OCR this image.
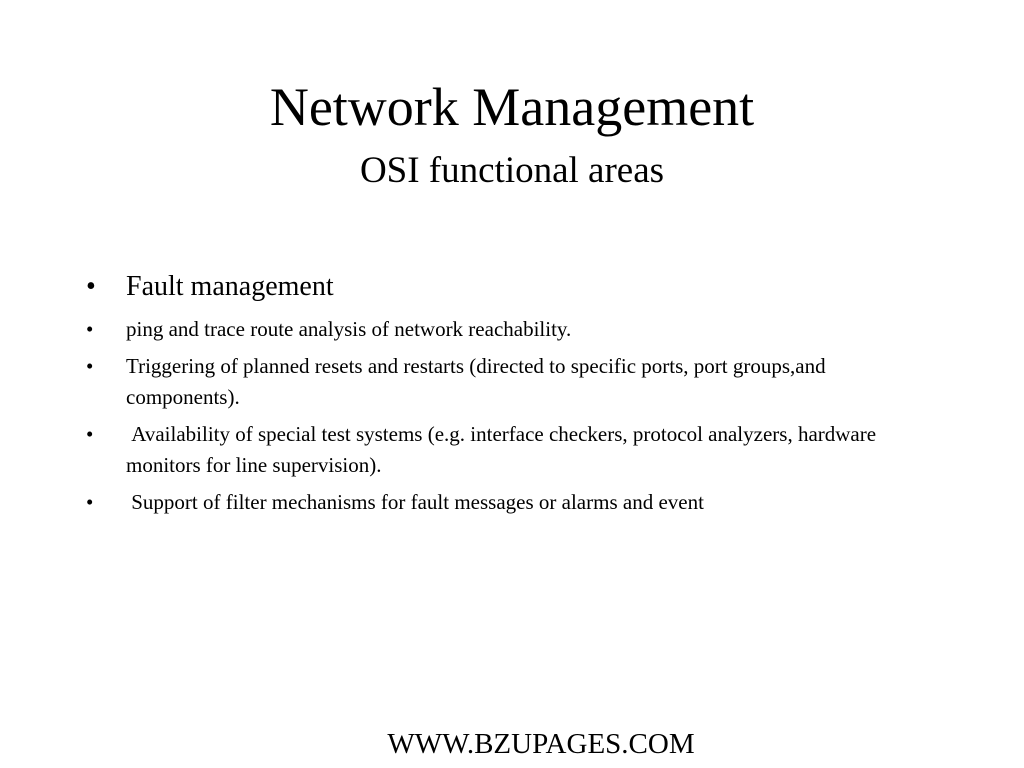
Network Management
OSI functional areas
• Fault management
• ping and trace route analysis of network reachability.
• Triggering of planned resets and restarts (directed to specific ports, port groups,and components).
• Availability of special test systems (e.g. interface checkers, protocol analyzers, hardware monitors for line supervision).
• Support of filter mechanisms for fault messages or alarms and event
WWW.BZUPAGES.COM
